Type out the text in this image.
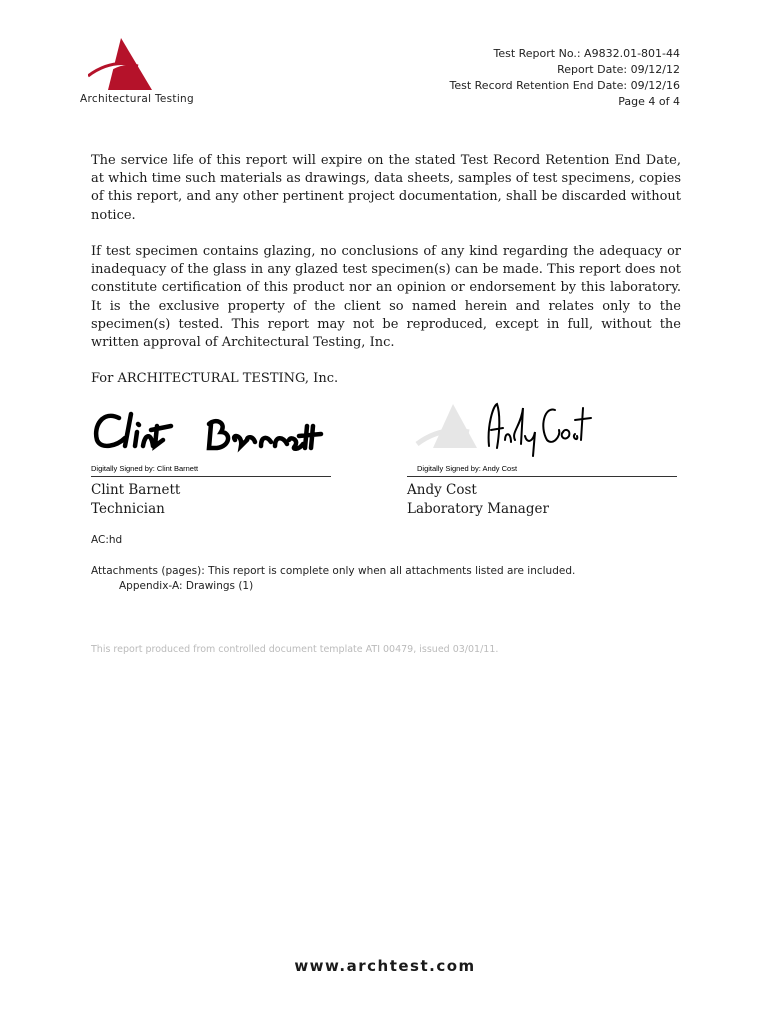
Architectural Testing
Test Report No.: A9832.01-801-44
Report Date: 09/12/12
Test Record Retention End Date: 09/12/16
Page 4 of 4
The service life of this report will expire on the stated Test Record Retention End Date, at which time such materials as drawings, data sheets, samples of test specimens, copies of this report, and any other pertinent project documentation, shall be discarded without notice.
If test specimen contains glazing, no conclusions of any kind regarding the adequacy or inadequacy of the glass in any glazed test specimen(s) can be made. This report does not constitute certification of this product nor an opinion or endorsement by this laboratory. It is the exclusive property of the client so named herein and relates only to the specimen(s) tested. This report may not be reproduced, except in full, without the written approval of Architectural Testing, Inc.
For ARCHITECTURAL TESTING, Inc.
Digitally Signed by: Clint Barnett
Clint Barnett
Technician
Digitally Signed by: Andy Cost
Andy Cost
Laboratory Manager
AC:hd
Attachments (pages): This report is complete only when all attachments listed are included.
Appendix-A: Drawings (1)
This report produced from controlled document template ATI 00479, issued 03/01/11.
www.archtest.com
